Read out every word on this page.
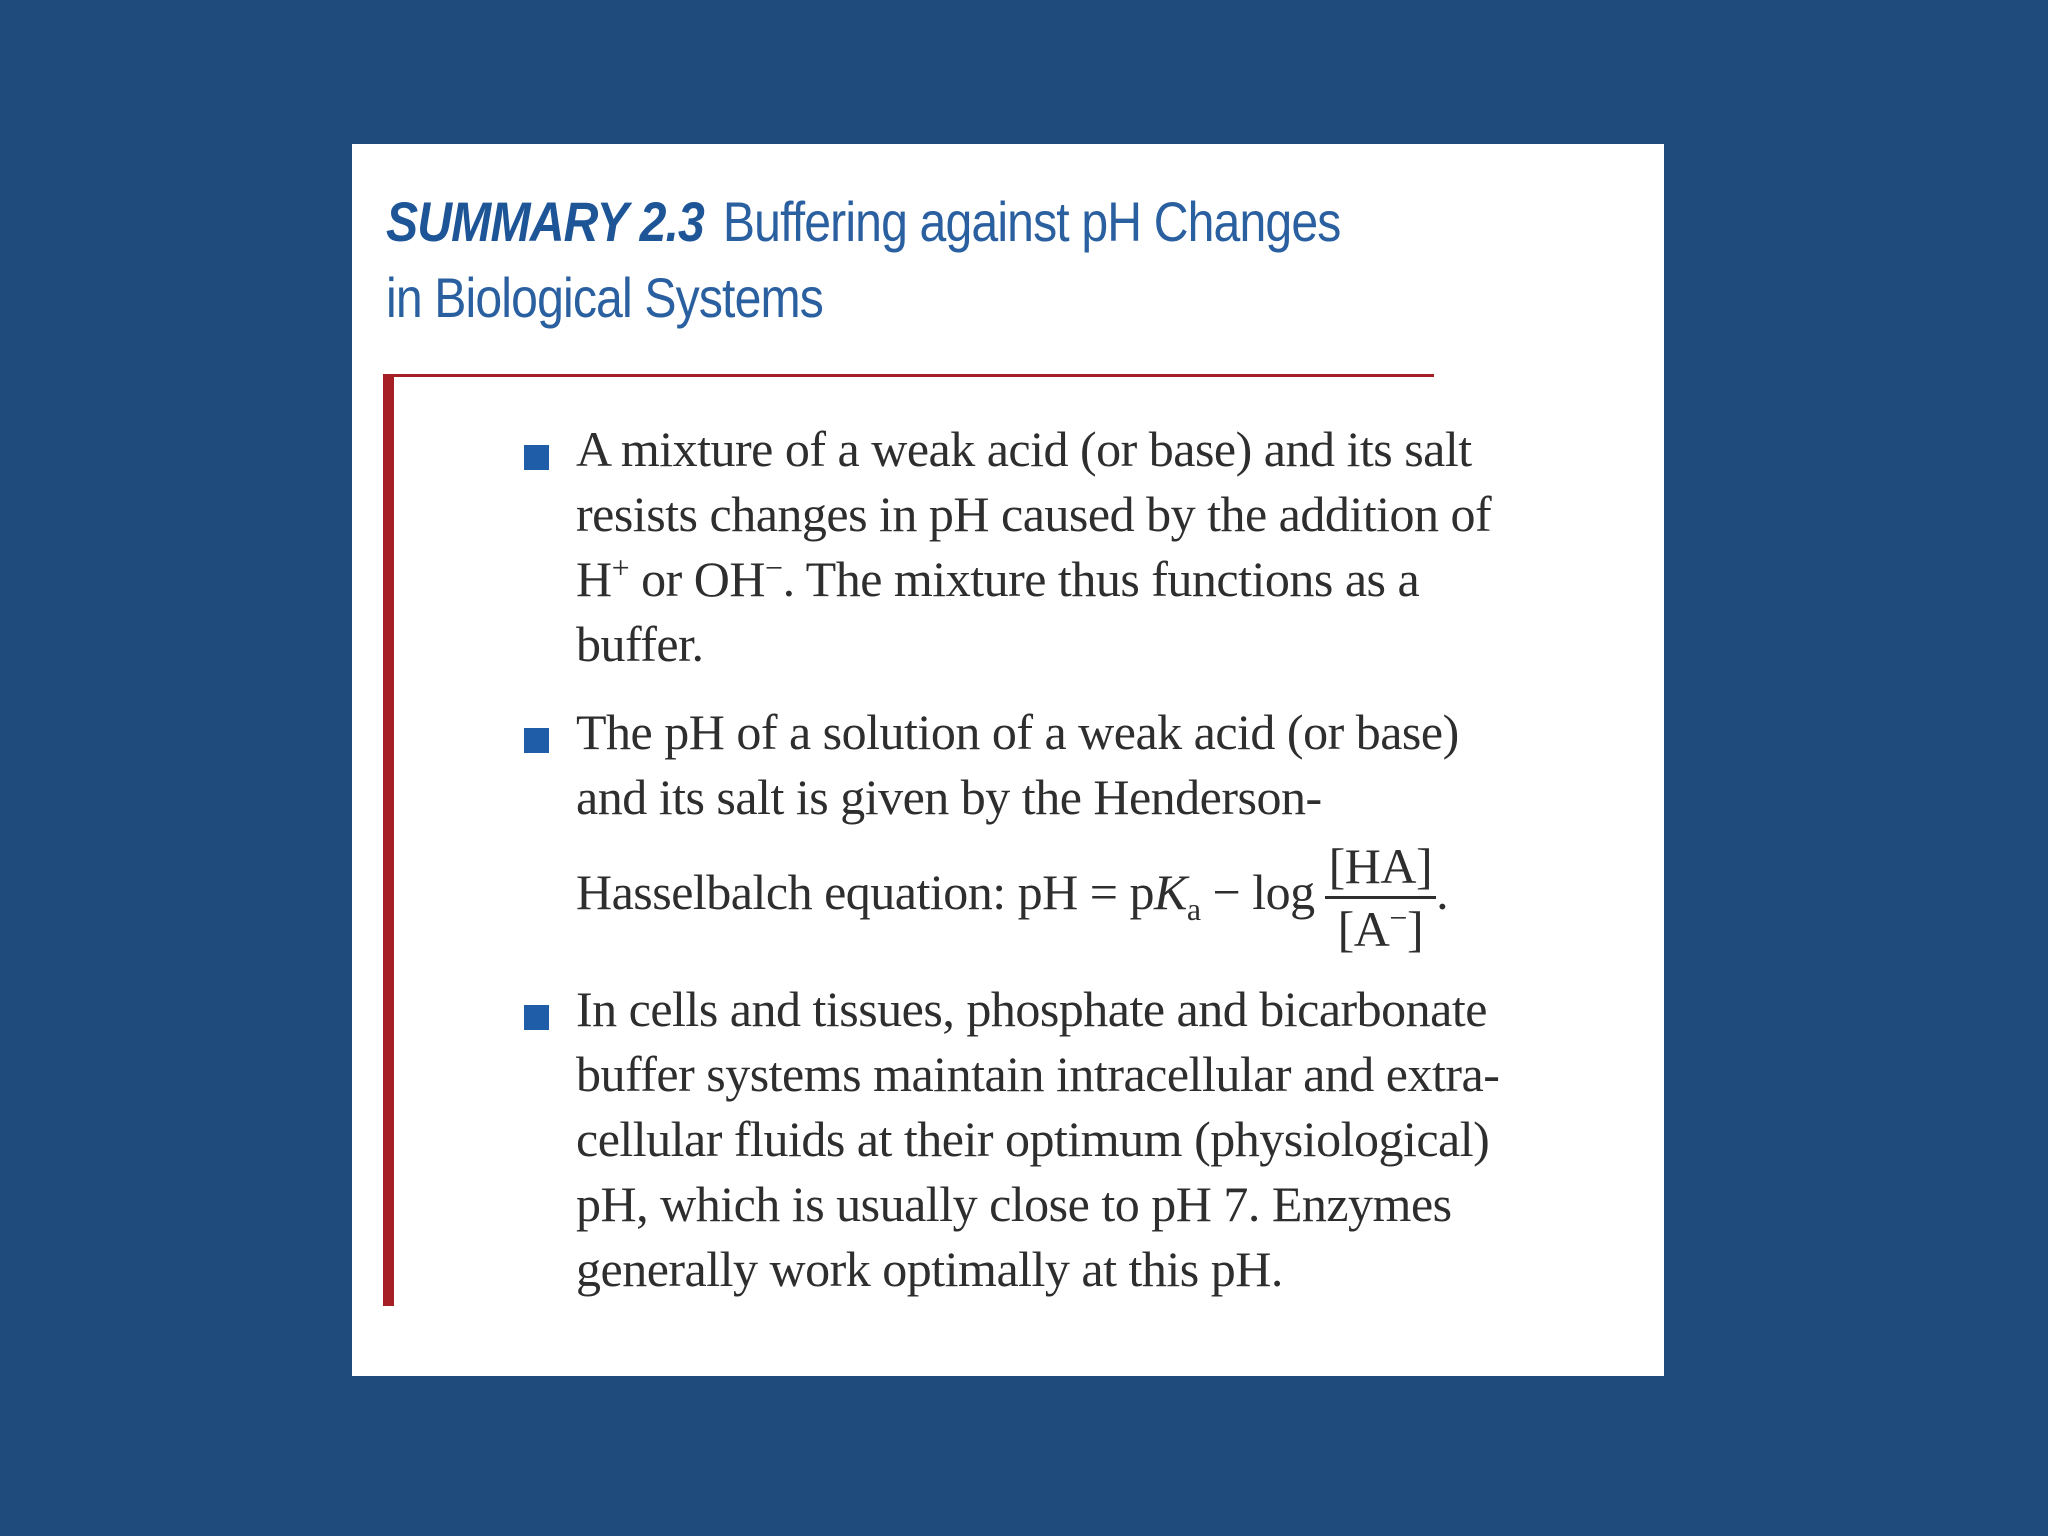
SUMMARY 2.3 Buffering against pH Changes
in Biological Systems
A mixture of a weak acid (or base) and its salt
resists changes in pH caused by the addition of
H+ or OH−. The mixture thus functions as a
buffer.
The pH of a solution of a weak acid (or base)
and its salt is given by the Henderson-
Hasselbalch equation: pH = $pK_a - \log \frac{[HA]}{[A^-]}$ .
In cells and tissues, phosphate and bicarbonate
buffer systems maintain intracellular and extra-
cellular fluids at their optimum (physiological)
pH, which is usually close to pH 7. Enzymes
generally work optimally at this pH.
